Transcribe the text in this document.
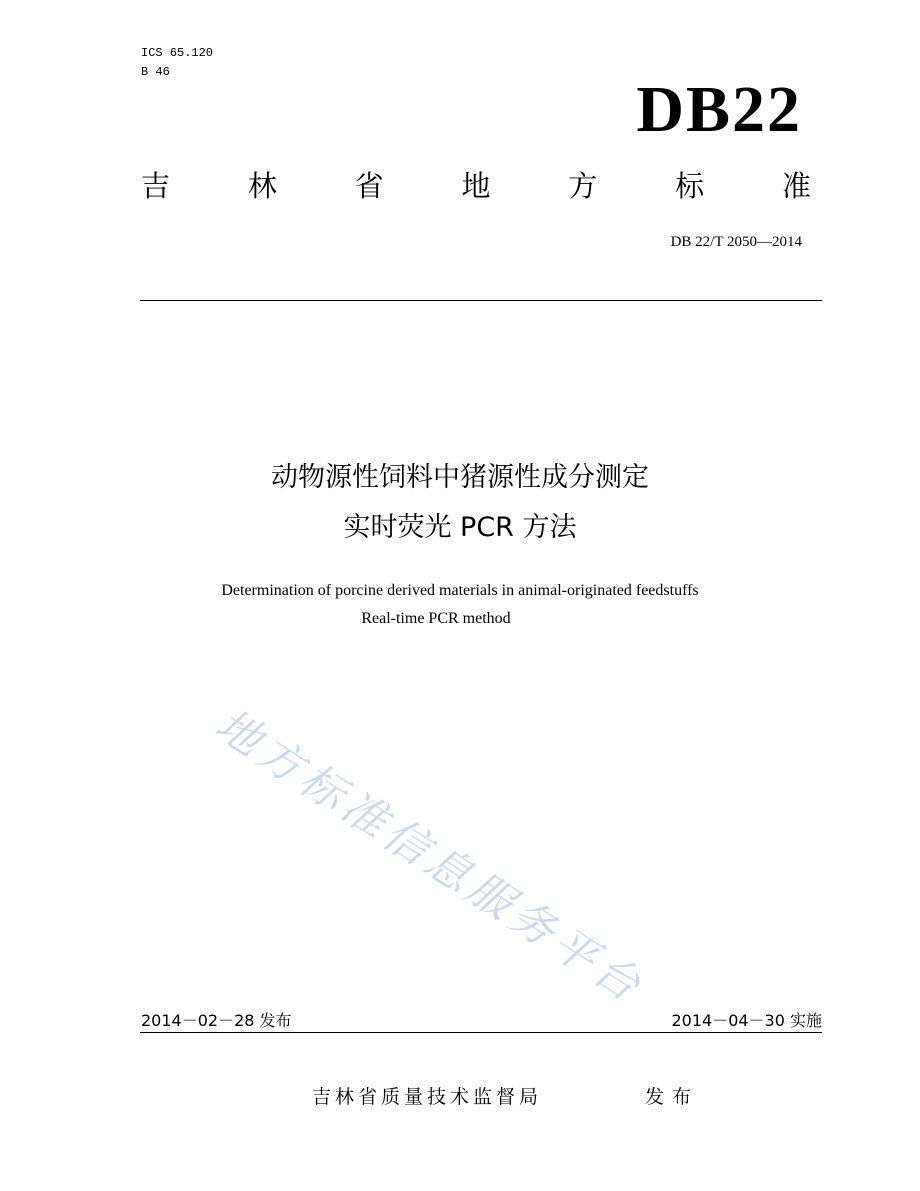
ICS 65.120
B 46
DB22
吉	林	省	地	方	标	准
DB 22/T 2050—2014
动物源性饲料中猪源性成分测定
实时荧光 PCR 方法
Determination of porcine derived materials in animal-originated feedstuffs
Real-time PCR method
地方标准信息服务平台
2014－02－28 发布	2014－04－30 实施
吉林省质量技术监督局	发布
